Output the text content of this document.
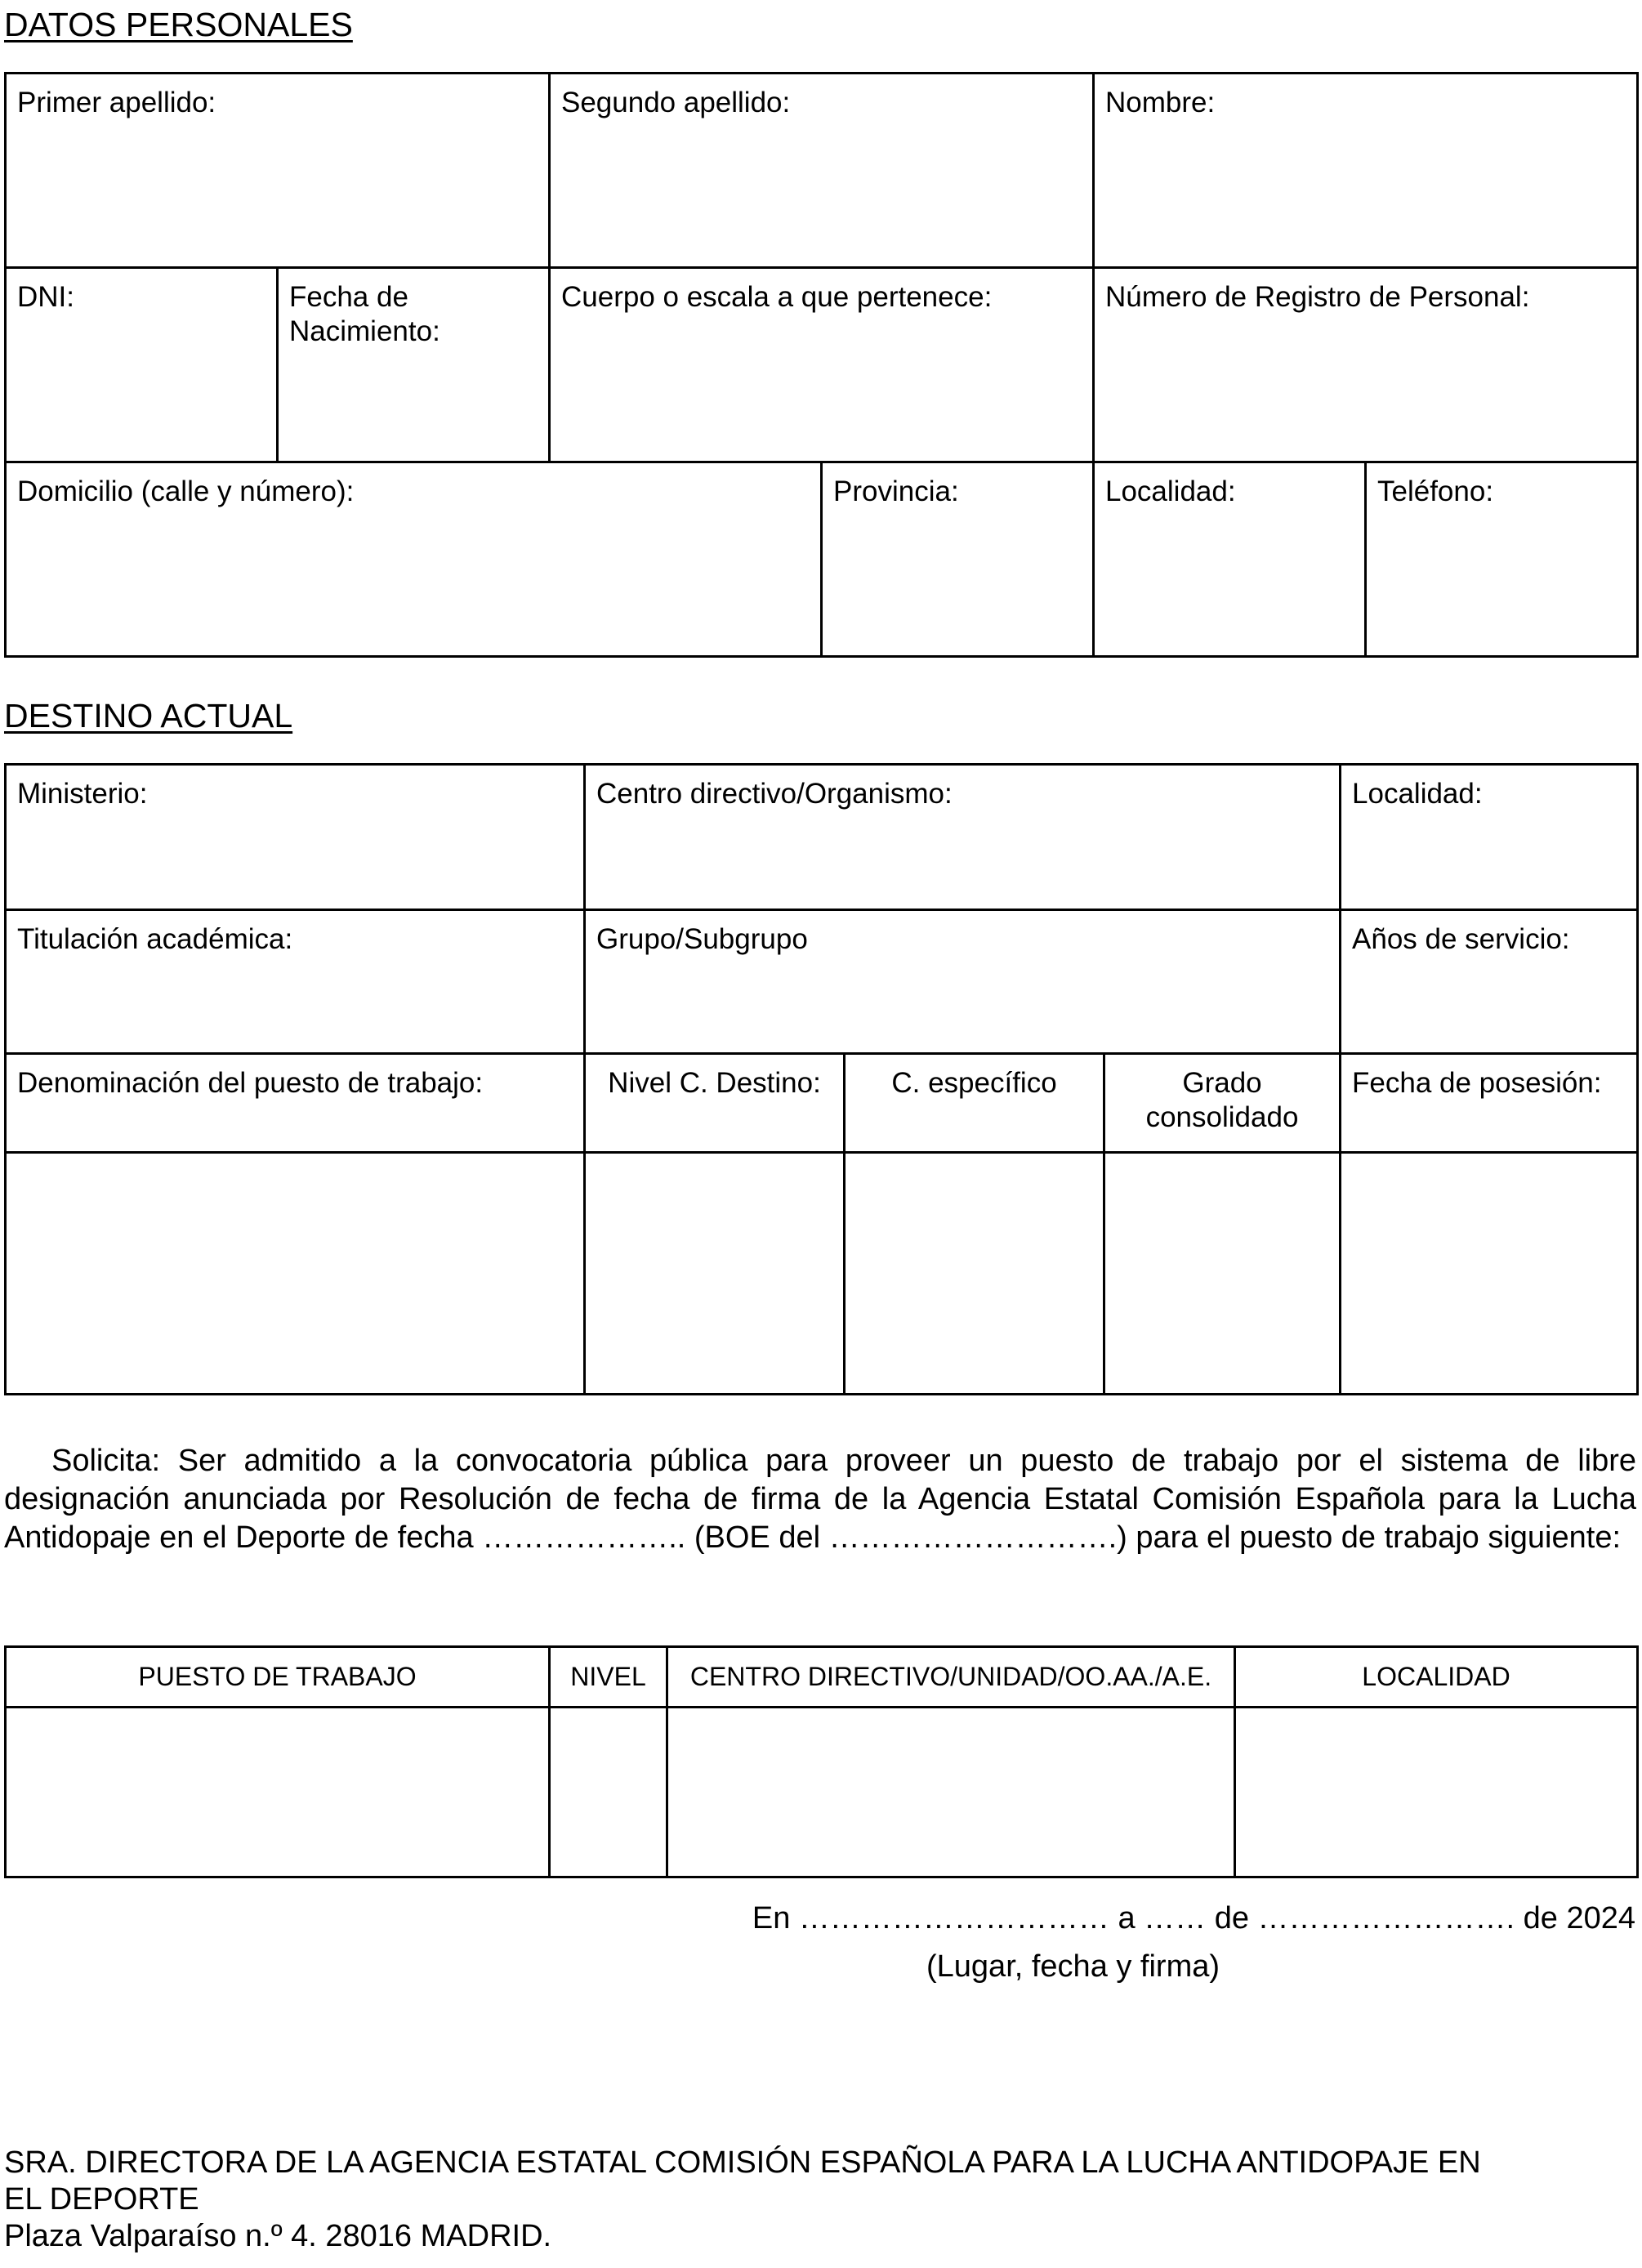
DATOS PERSONALES
Primer apellido:		Segundo apellido:		Nombre:	
DNI:	Fecha de Nacimiento:	Cuerpo o escala a que pertenece:		Número de Registro de Personal:	
Domicilio (calle y número):			Provincia:	Localidad:	Teléfono:
DESTINO ACTUAL
Ministerio:	Centro directivo/Organismo:			Localidad:
Titulación académica:	Grupo/Subgrupo			Años de servicio:
Denominación del puesto de trabajo:	Nivel C. Destino:	C. específico	Grado consolidado	Fecha de posesión:

Solicita: Ser admitido a la convocatoria pública para proveer un puesto de trabajo por el sistema de libre designación anunciada por Resolución de fecha de firma de la Agencia Estatal Comisión Española para la Lucha Antidopaje en el Deporte de fecha ……………….. (BOE del ……………………….) para el puesto de trabajo siguiente:
PUESTO DE TRABAJO	NIVEL	CENTRO DIRECTIVO/UNIDAD/OO.AA./A.E.	LOCALIDAD

En ………………………… a …… de ……………………. de 2024
(Lugar, fecha y firma)
SRA. DIRECTORA DE LA AGENCIA ESTATAL COMISIÓN ESPAÑOLA PARA LA LUCHA ANTIDOPAJE EN
EL DEPORTE
Plaza Valparaíso n.º 4. 28016 MADRID.
